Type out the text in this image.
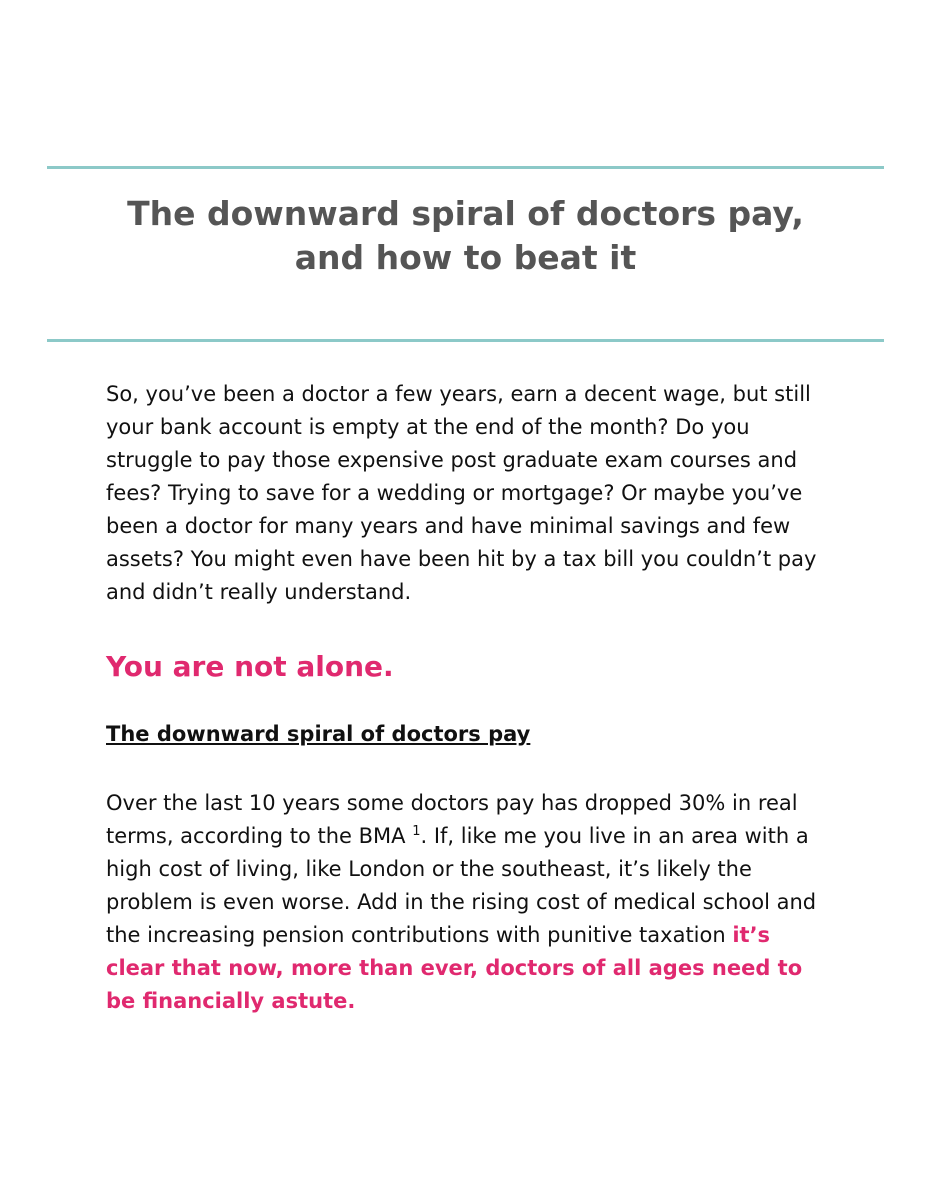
The downward spiral of doctors pay,
and how to beat it

So, you’ve been a doctor a few years, earn a decent wage, but still your bank account is empty at the end of the month? Do you struggle to pay those expensive post graduate exam courses and fees? Trying to save for a wedding or mortgage? Or maybe you’ve been a doctor for many years and have minimal savings and few assets? You might even have been hit by a tax bill you couldn’t pay and didn’t really understand.

You are not alone.

The downward spiral of doctors pay

Over the last 10 years some doctors pay has dropped 30% in real terms, according to the BMA $^1$. If, like me you live in an area with a high cost of living, like London or the southeast, it’s likely the problem is even worse. Add in the rising cost of medical school and the increasing pension contributions with punitive taxation it’s clear that now, more than ever, doctors of all ages need to be financially astute.
